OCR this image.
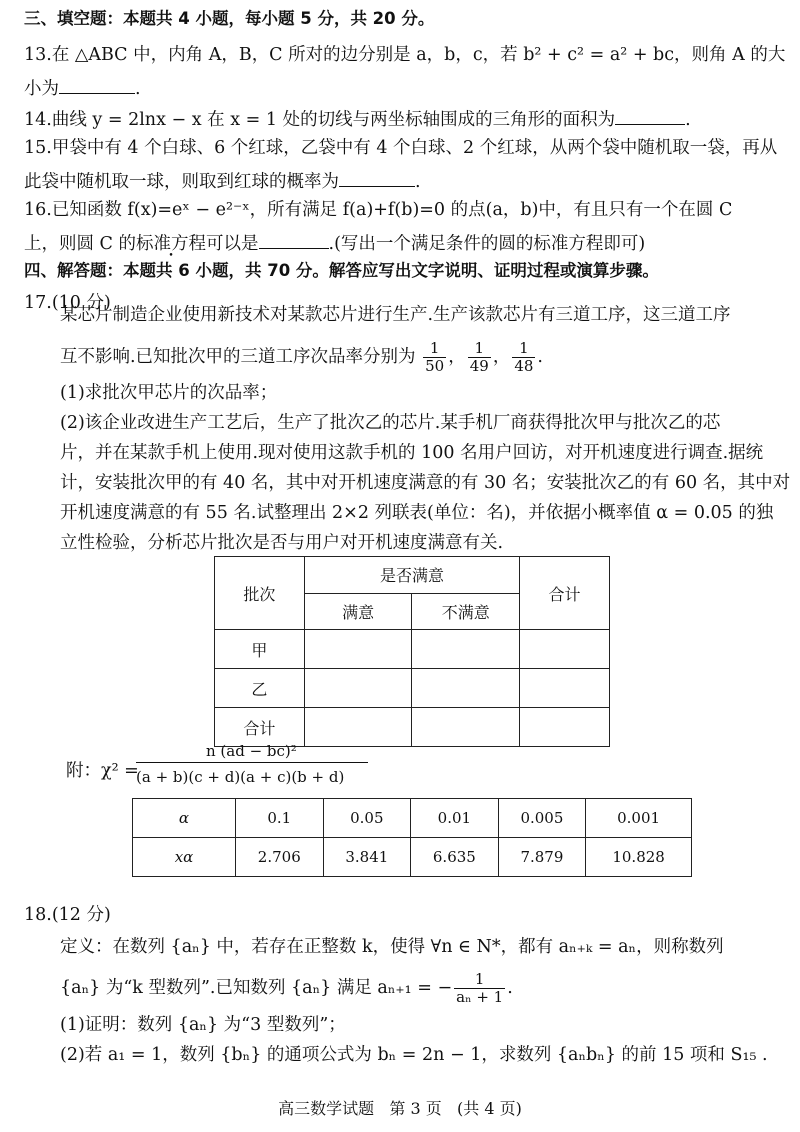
三、填空题：本题共 4 小题，每小题 5 分，共 20 分。
13.在 △ABC 中，内角 A，B，C 所对的边分别是 a，b，c，若 b² + c² = a² + bc，则角 A 的大
小为	.
14.曲线 y = 2lnx − x 在 x = 1 处的切线与两坐标轴围成的三角形的面积为	.
15.甲袋中有 4 个白球、6 个红球，乙袋中有 4 个白球、2 个红球，从两个袋中随机取一袋，再从
此袋中随机取一球，则取到红球的概率为	.
16.已知函数 f(x)=eˣ − e²⁻ˣ，所有满足 f(a)+f(b)=0 的点(a，b)中，有且只有一个在圆 C
上，则圆 C 的标准方程可以是	.(写出一个满足条件的圆的标准方程即可)
四、解答题：本题共 6 小题，共 70 分。解答应写出文字说明、证明过程或演算步骤。
17.(10 分)
某芯片制造企业使用新技术对某款芯片进行生产.生产该款芯片有三道工序，这三道工序
互不影响.已知批次甲的三道工序次品率分别为 $\frac{1}{50}$ ， $\frac{1}{49}$ ， $\frac{1}{48}$ .
(1)求批次甲芯片的次品率；
(2)该企业改进生产工艺后，生产了批次乙的芯片.某手机厂商获得批次甲与批次乙的芯
片，并在某款手机上使用.现对使用这款手机的 100 名用户回访，对开机速度进行调查.据统
计，安装批次甲的有 40 名，其中对开机速度满意的有 30 名；安装批次乙的有 60 名，其中对
开机速度满意的有 55 名.试整理出 2×2 列联表(单位：名)，并依据小概率值 α = 0.05 的独
立性检验，分析芯片批次是否与用户对开机速度满意有关.
批次	是否满意		合计
	满意	不满意	
甲			
乙			
合计			
附：χ² =
n (ad − bc)²
(a + b)(c + d)(a + c)(b + d)
α	0.1	0.05	0.01	0.005	0.001
xα	2.706	3.841	6.635	7.879	10.828
18.(12 分)
定义：在数列 {aₙ} 中，若存在正整数 k，使得 ∀n ∈ N*，都有 aₙ₊ₖ = aₙ，则称数列
{aₙ} 为“k 型数列”.已知数列 {aₙ} 满足 aₙ₊₁ = − $\frac{1}{\text{aₙ + 1}}$ .
(1)证明：数列 {aₙ} 为“3 型数列”；
(2)若 a₁ = 1，数列 {bₙ} 的通项公式为 bₙ = 2n − 1，求数列 {aₙbₙ} 的前 15 项和 S₁₅ .
高三数学试题   第 3 页   (共 4 页)
